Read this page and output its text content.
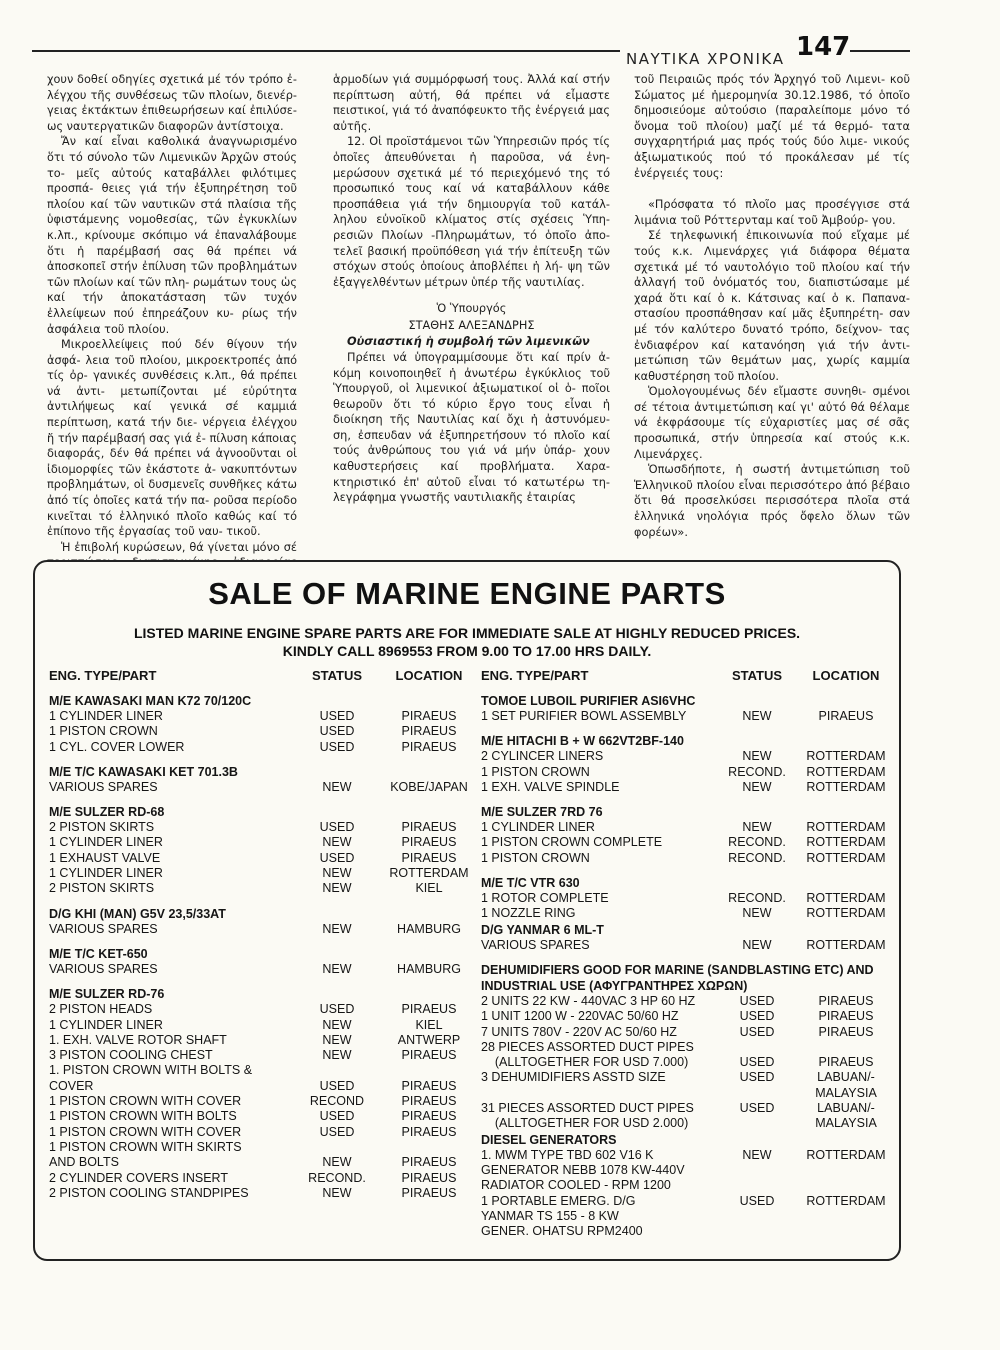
ΝΑΥΤΙΚΑ ΧΡΟΝΙΚΑ 147

χουν δοθεί οδηγίες σχετικά μέ τόν τρόπο ἐ- λέγχου τῆς συνθέσεως τῶν πλοίων, διενέρ- γειας ἐκτάκτων ἐπιθεωρήσεων καί ἐπιλύσε- ως ναυτεργατικῶν διαφορῶν ἀντίστοιχα.

Ἄν καί εἶναι καθολικά ἀναγνωρισμένο ὅτι τό σύνολο τῶν Λιμενικῶν Ἀρχῶν στούς το- μεῖς αὐτούς καταβάλλει φιλότιμες προσπά- θειες γιά τήν ἐξυπηρέτηση τοῦ πλοίου καί τῶν ναυτικῶν στά πλαίσια τῆς ὑφιστάμενης νομοθεσίας, τῶν ἐγκυκλίων κ.λπ., κρίνουμε σκόπιμο νά ἐπαναλάβουμε ὅτι ἡ παρέμβασή σας θά πρέπει νά ἀποσκοπεῖ στήν ἐπίλυση τῶν προβλημάτων τῶν πλοίων καί τῶν πλη- ρωμάτων τους ὡς καί τήν ἀποκατάσταση τῶν τυχόν ἐλλείψεων πού ἐπηρεάζουν κυ- ρίως τήν ἀσφάλεια τοῦ πλοίου.

Μικροελλείψεις πού δέν θίγουν τήν ἀσφά- λεια τοῦ πλοίου, μικροεκτροπές ἀπό τίς ὀρ- γανικές συνθέσεις κ.λπ., θά πρέπει νά ἀντι- μετωπίζονται μέ εὐρύτητα ἀντιλήψεως καί γενικά σέ καμμιά περίπτωση, κατά τήν διε- νέργεια ἐλέγχου ἤ τήν παρέμβασή σας γιά ἐ- πίλυση κάποιας διαφοράς, δέν θά πρέπει νά ἀγνοοῦνται οἱ ἰδιομορφίες τῶν ἑκάστοτε ἀ- νακυπτόντων προβλημάτων, οἱ δυσμενεῖς συνθῆκες κάτω ἀπό τίς ὁποῖες κατά τήν πα- ροῦσα περίοδο κινεῖται τό ἑλληνικό πλοῖο καθώς καί τό ἐπίπονο τῆς ἐργασίας τοῦ ναυ- τικοῦ.

Ἡ ἐπιβολή κυρώσεων, θά γίνεται μόνο σέ

ἁρμοδίων γιά συμμόρφωσή τους. Ἀλλά καί στήν περίπτωση αὐτή, θά πρέπει νά εἶμαστε πειστικοί, γιά τό ἀναπόφευκτο τῆς ἐνέργειά μας αὐτῆς.

12. Οἱ προϊστάμενοι τῶν Ὑπηρεσιῶν πρός τίς ὁποῖες ἀπευθύνεται ἡ παροῦσα, νά ἐνη- μερώσουν σχετικά μέ τό περιεχόμενό της τό προσωπικό τους καί νά καταβάλλουν κάθε προσπάθεια γιά τήν δημιουργία τοῦ κατάλ- ληλου εὐνοϊκοῦ κλίματος στίς σχέσεις Ὑπη- ρεσιῶν Πλοίων -Πληρωμάτων, τό ὁποῖο ἀπο- τελεῖ βασική προϋπόθεση γιά τήν ἐπίτευξη τῶν στόχων στούς ὁποίους ἀποβλέπει ἡ λή- ψη τῶν ἐξαγγελθέντων μέτρων ὑπέρ τῆς ναυτιλίας.

Ὁ Ὑπουργός
ΣΤΑΘΗΣ ΑΛΕΞΑΝΔΡΗΣ

Οὐσιαστική ἡ συμβολή τῶν λιμενικῶν

Πρέπει νά ὑπογραμμίσουμε ὅτι καί πρίν ἀ- κόμη κοινοποιηθεῖ ἡ ἀνωτέρω ἐγκύκλιος τοῦ Ὑπουργοῦ, οἱ λιμενικοί ἀξιωματικοί οἱ ὁ- ποῖοι θεωροῦν ὅτι τό κύριο ἔργο τους εἶναι ἡ διοίκηση τῆς Ναυτιλίας καί ὄχι ἡ ἀστυνόμευ- ση, ἐσπευδαν νά ἐξυπηρετήσουν τό πλοῖο καί τούς ἀνθρώπους του γιά νά μήν ὑπάρ- χουν καθυστερήσεις καί προβλήματα. Χαρα- κτηριστικό ἐπ' αὐτοῦ εἶναι τό κατωτέρω τη- λεγράφημα γνωστῆς ναυτιλιακῆς ἐταιρίας

τοῦ Πειραιῶς πρός τόν Ἀρχηγό τοῦ Λιμενι- κοῦ Σώματος μέ ἡμερομηνία 30.12.1986, τό ὁποῖο δημοσιεύομε αὐτούσιο (παραλείπομε μόνο τό ὄνομα τοῦ πλοίου) μαζί μέ τά θερμό- τατα συγχαρητήριά μας πρός τούς δύο λιμε- νικούς ἀξιωματικούς πού τό προκάλεσαν μέ τίς ἐνέργειές τους:

«Πρόσφατα τό πλοῖο μας προσέγγισε στά λιμάνια τοῦ Ρόττερνταμ καί τοῦ Ἀμβούρ- γου.

Σέ τηλεφωνική ἐπικοινωνία πού εἴχαμε μέ τούς κ.κ. Λιμενάρχες γιά διάφορα θέματα σχετικά μέ τό ναυτολόγιο τοῦ πλοίου καί τήν ἀλλαγή τοῦ ὀνόματός του, διαπιστώσαμε μέ χαρά ὅτι καί ὁ κ. Κάτσινας καί ὁ κ. Παπανα- στασίου προσπάθησαν καί μᾶς ἐξυπηρέτη- σαν μέ τόν καλύτερο δυνατό τρόπο, δείχνον- τας ἐνδιαφέρον καί κατανόηση γιά τήν ἀντι- μετώπιση τῶν θεμάτων μας, χωρίς καμμία καθυστέρηση τοῦ πλοίου.

Ὁμολογουμένως δέν εἴμαστε συνηθι- σμένοι σέ τέτοια ἀντιμετώπιση καί γι' αὐτό θά θέλαμε νά ἐκφράσουμε τίς εὐχαριστίες μας σέ σᾶς προσωπικά, στήν ὑπηρεσία καί στούς κ.κ. Λιμενάρχες.

Ὁπωσδήποτε, ἡ σωστή ἀντιμετώπιση τοῦ Ἑλληνικοῦ πλοίου εἶναι περισσότερο ἀπό βέβαιο ὅτι θά προσελκύσει περισσότερα πλοῖα στά ἑλληνικά νηολόγια πρός ὄφελο ὅλων τῶν φορέων».

SALE OF MARINE ENGINE PARTS
LISTED MARINE ENGINE SPARE PARTS ARE FOR IMMEDIATE SALE AT HIGHLY REDUCED PRICES.
KINDLY CALL 8969553 FROM 9.00 TO 17.00 HRS DAILY.
ENG. TYPE/PART	STATUS	LOCATION
M/E KAWASAKI MAN K72 70/120C
1 CYLINDER LINER	USED	PIRAEUS
1 PISTON CROWN	USED	PIRAEUS
1 CYL. COVER LOWER	USED	PIRAEUS
M/E T/C KAWASAKI KET 701.3B
VARIOUS SPARES	NEW	KOBE/JAPAN
M/E SULZER RD-68
2 PISTON SKIRTS	USED	PIRAEUS
1 CYLINDER LINER	NEW	PIRAEUS
1 EXHAUST VALVE	USED	PIRAEUS
1 CYLINDER LINER	NEW	ROTTERDAM
2 PISTON SKIRTS	NEW	KIEL
D/G KHI (MAN) G5V 23,5/33AT
VARIOUS SPARES	NEW	HAMBURG
M/E T/C KET-650
VARIOUS SPARES	NEW	HAMBURG
M/E SULZER RD-76
2 PISTON HEADS	USED	PIRAEUS
1 CYLINDER LINER	NEW	KIEL
1. EXH. VALVE ROTOR SHAFT	NEW	ANTWERP
3 PISTON COOLING CHEST	NEW	PIRAEUS
1. PISTON CROWN WITH BOLTS &
COVER	USED	PIRAEUS
1 PISTON CROWN WITH COVER	RECOND	PIRAEUS
1 PISTON CROWN WITH BOLTS	USED	PIRAEUS
1 PISTON CROWN WITH COVER	USED	PIRAEUS
1 PISTON CROWN WITH SKIRTS
AND BOLTS	NEW	PIRAEUS
2 CYLINDER COVERS INSERT	RECOND.	PIRAEUS
2 PISTON COOLING STANDPIPES	NEW	PIRAEUS
ENG. TYPE/PART	STATUS	LOCATION
TOMOE LUBOIL PURIFIER ASI6VHC
1 SET PURIFIER BOWL ASSEMBLY	NEW	PIRAEUS
M/E HITACHI B + W 662VT2BF-140
2 CYLINCER LINERS	NEW	ROTTERDAM
1 PISTON CROWN	RECOND.	ROTTERDAM
1 EXH. VALVE SPINDLE	NEW	ROTTERDAM
M/E SULZER 7RD 76
1 CYLINDER LINER	NEW	ROTTERDAM
1 PISTON CROWN COMPLETE	RECOND.	ROTTERDAM
1 PISTON CROWN	RECOND.	ROTTERDAM
M/E T/C VTR 630
1 ROTOR COMPLETE	RECOND.	ROTTERDAM
1 NOZZLE RING	NEW	ROTTERDAM
D/G YANMAR 6 ML-T
VARIOUS SPARES	NEW	ROTTERDAM
DEHUMIDIFIERS GOOD FOR MARINE (SANDBLASTING ETC) AND INDUSTRIAL USE (ΑΦΥΓΡΑΝΤΗΡΕΣ ΧΩΡΩΝ)
2 UNITS 22 KW - 440VAC 3 HP 60 HZ	USED	PIRAEUS
1 UNIT 1200 W - 220VAC 50/60 HZ	USED	PIRAEUS
7 UNITS 780V - 220V AC 50/60 HZ	USED	PIRAEUS
28 PIECES ASSORTED DUCT PIPES
(ALLTOGETHER FOR USD 7.000)	USED	PIRAEUS
3 DEHUMIDIFIERS ASSTD SIZE	USED	LABUAN/-
MALAYSIA
31 PIECES ASSORTED DUCT PIPES	USED	LABUAN/-
(ALLTOGETHER FOR USD 2.000)	MALAYSIA
DIESEL GENERATORS
1. MWM TYPE TBD 602 V16 K	NEW	ROTTERDAM
GENERATOR NEBB 1078 KW-440V
RADIATOR COOLED - RPM 1200
1 PORTABLE EMERG. D/G	USED	ROTTERDAM
YANMAR TS 155 - 8 KW
GENER. OHATSU RPM2400
